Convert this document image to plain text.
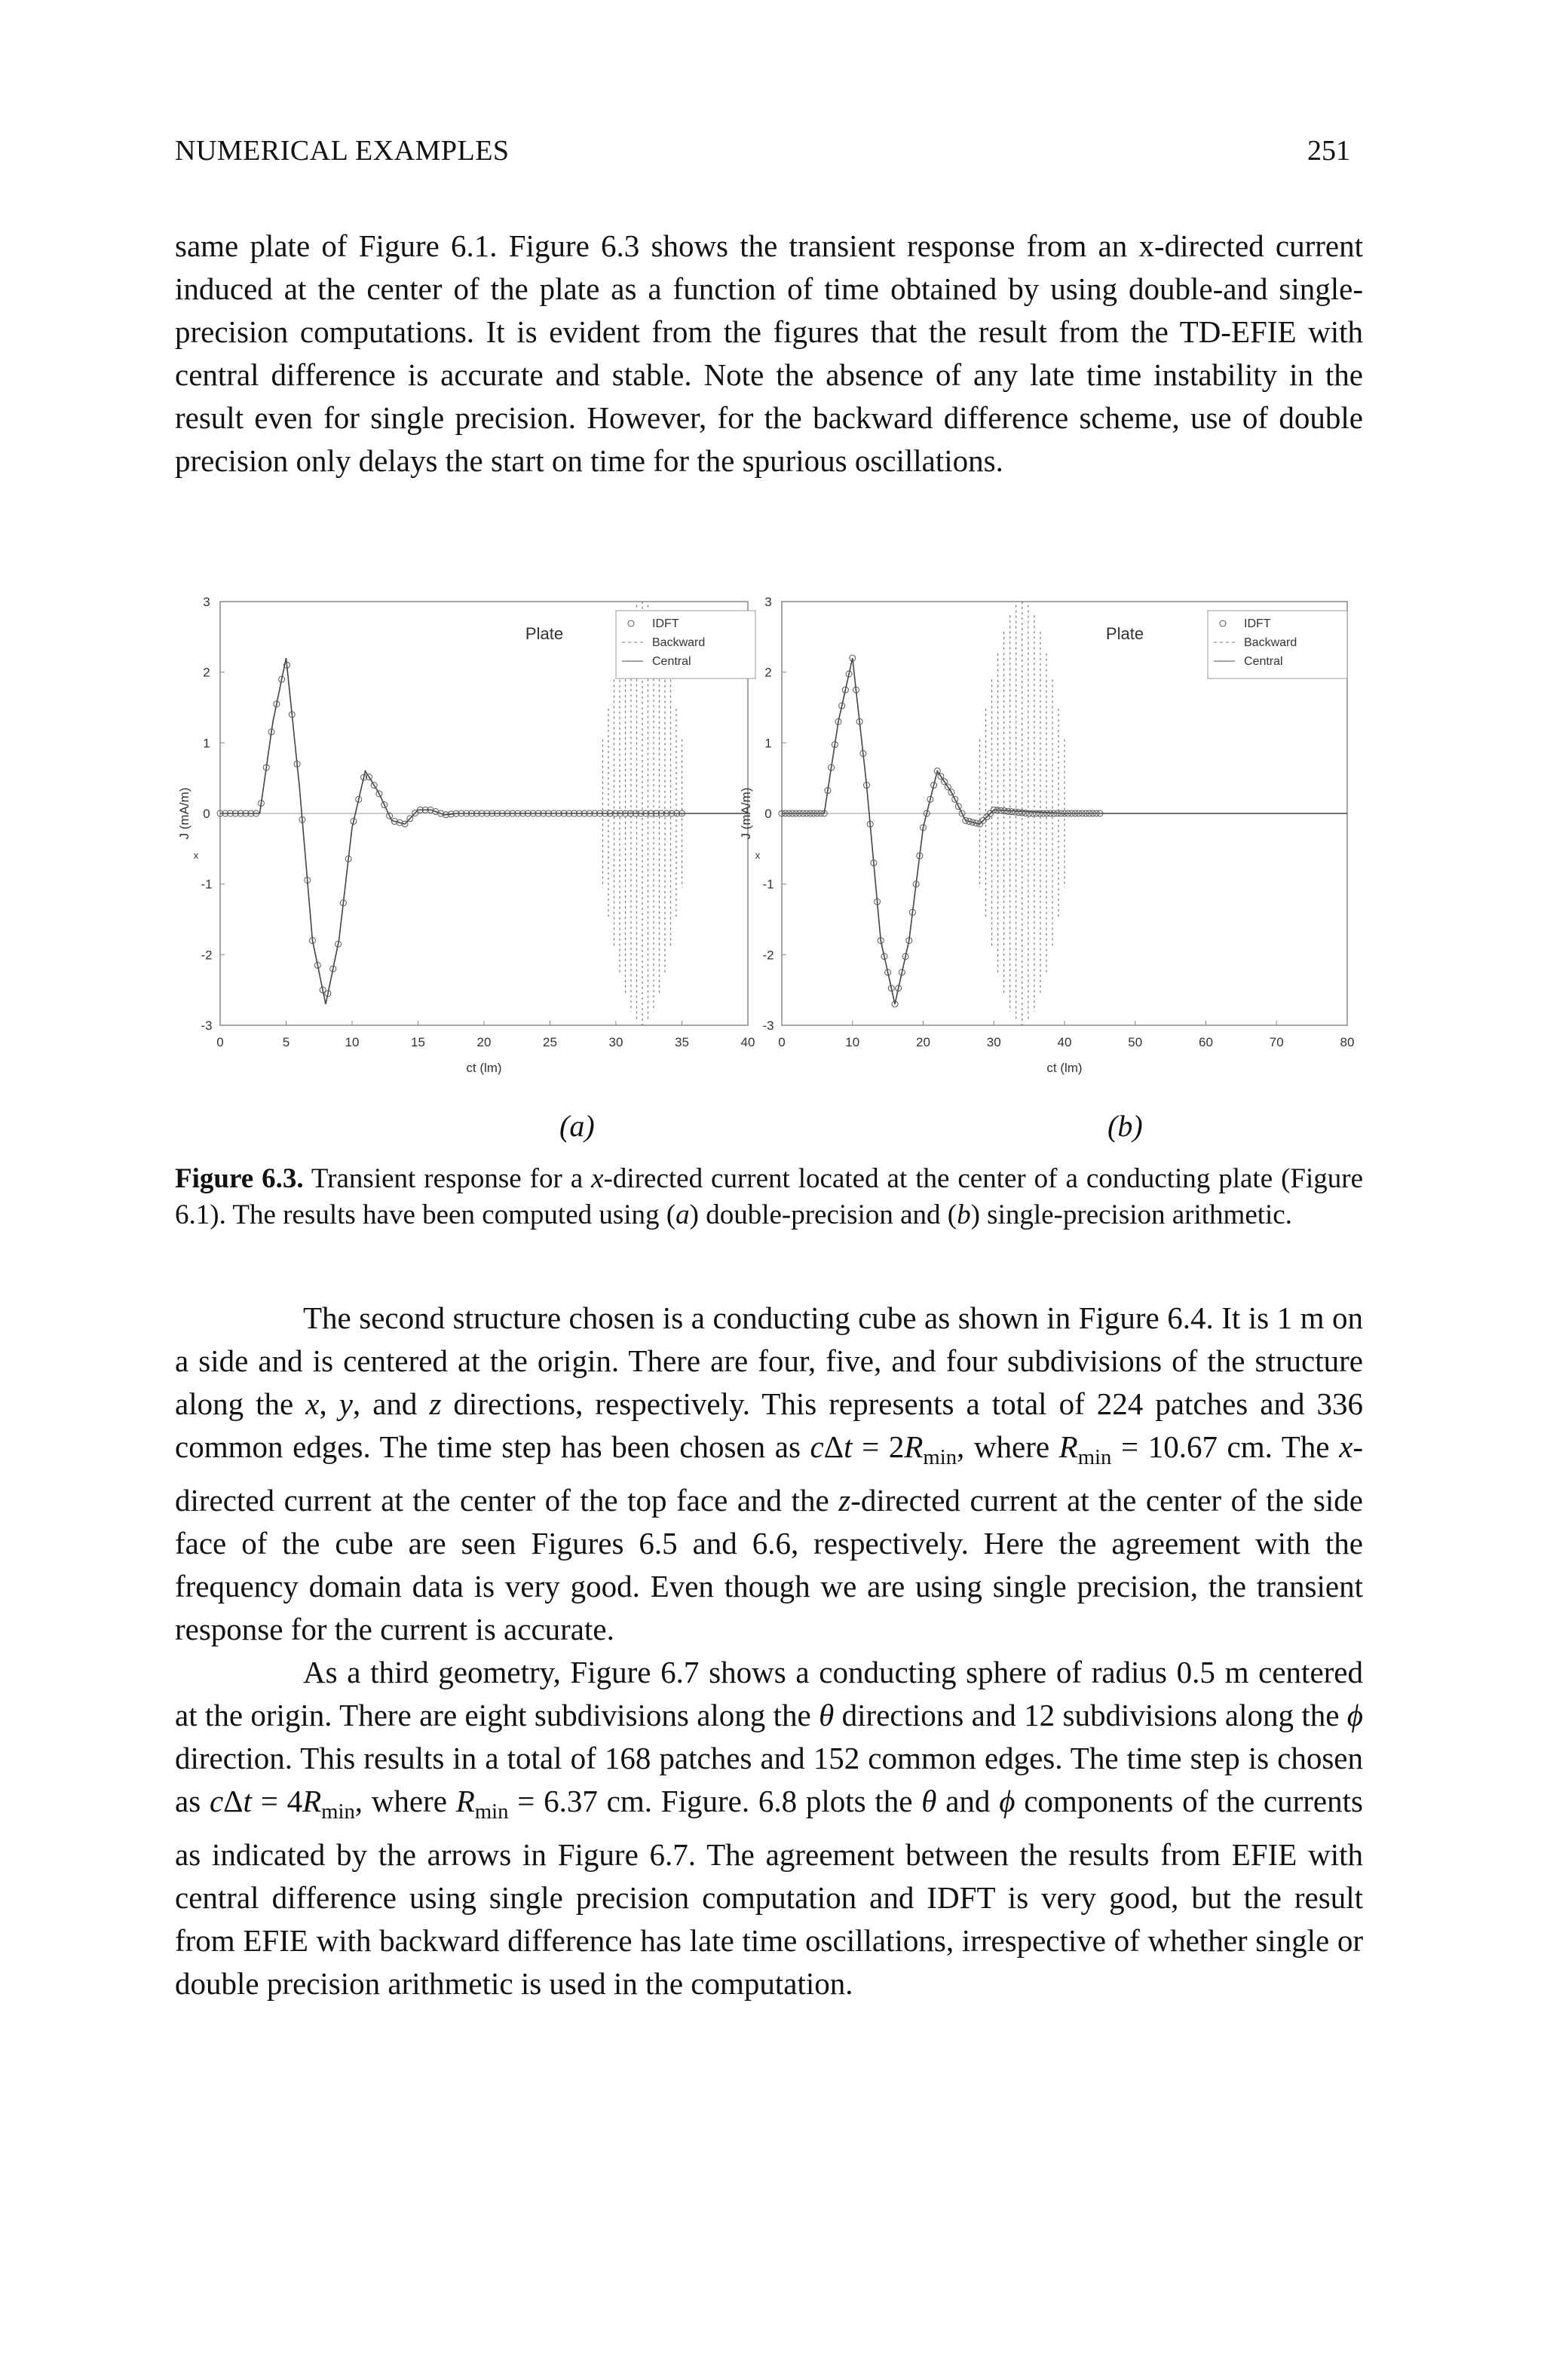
NUMERICAL EXAMPLES	251
same plate of Figure 6.1. Figure 6.3 shows the transient response from an x-directed current induced at the center of the plate as a function of time obtained by using double-and single-precision computations. It is evident from the figures that the result from the TD-EFIE with central difference is accurate and stable. Note the absence of any late time instability in the result even for single precision. However, for the backward difference scheme, use of double precision only delays the start on time for the spurious oscillations.
0	5	10	15	20	25	30	35	40
3
2
1
0
-1
-2
-3
ct (lm)
J (mA/m)
x
Plate
IDFT
Backward
Central
0	10	20	30	40	50	60	70	80
3
2
1
0
-1
-2
-3
ct (lm)
J (mA/m)
x
Plate
IDFT
Backward
Central
(a)	(b)
Figure 6.3. Transient response for a x-directed current located at the center of a conducting plate (Figure 6.1). The results have been computed using (a) double-precision and (b) single-precision arithmetic.

The second structure chosen is a conducting cube as shown in Figure 6.4. It is 1 m on a side and is centered at the origin. There are four, five, and four subdivisions of the structure along the x, y, and z directions, respectively. This represents a total of 224 patches and 336 common edges. The time step has been chosen as $c\Delta t = 2R_{min}$, where $R_{min} = 10.67$ cm. The x-directed current at the center of the top face and the z-directed current at the center of the side face of the cube are seen Figures 6.5 and 6.6, respectively. Here the agreement with the frequency domain data is very good. Even though we are using single precision, the transient response for the current is accurate.

As a third geometry, Figure 6.7 shows a conducting sphere of radius 0.5 m centered at the origin. There are eight subdivisions along the θ directions and 12 subdivisions along the ϕ direction. This results in a total of 168 patches and 152 common edges. The time step is chosen as $c\Delta t = 4R_{min}$, where $R_{min} = 6.37$ cm. Figure. 6.8 plots the θ and ϕ components of the currents as indicated by the arrows in Figure 6.7. The agreement between the results from EFIE with central difference using single precision computation and IDFT is very good, but the result from EFIE with backward difference has late time oscillations, irrespective of whether single or double precision arithmetic is used in the computation.
